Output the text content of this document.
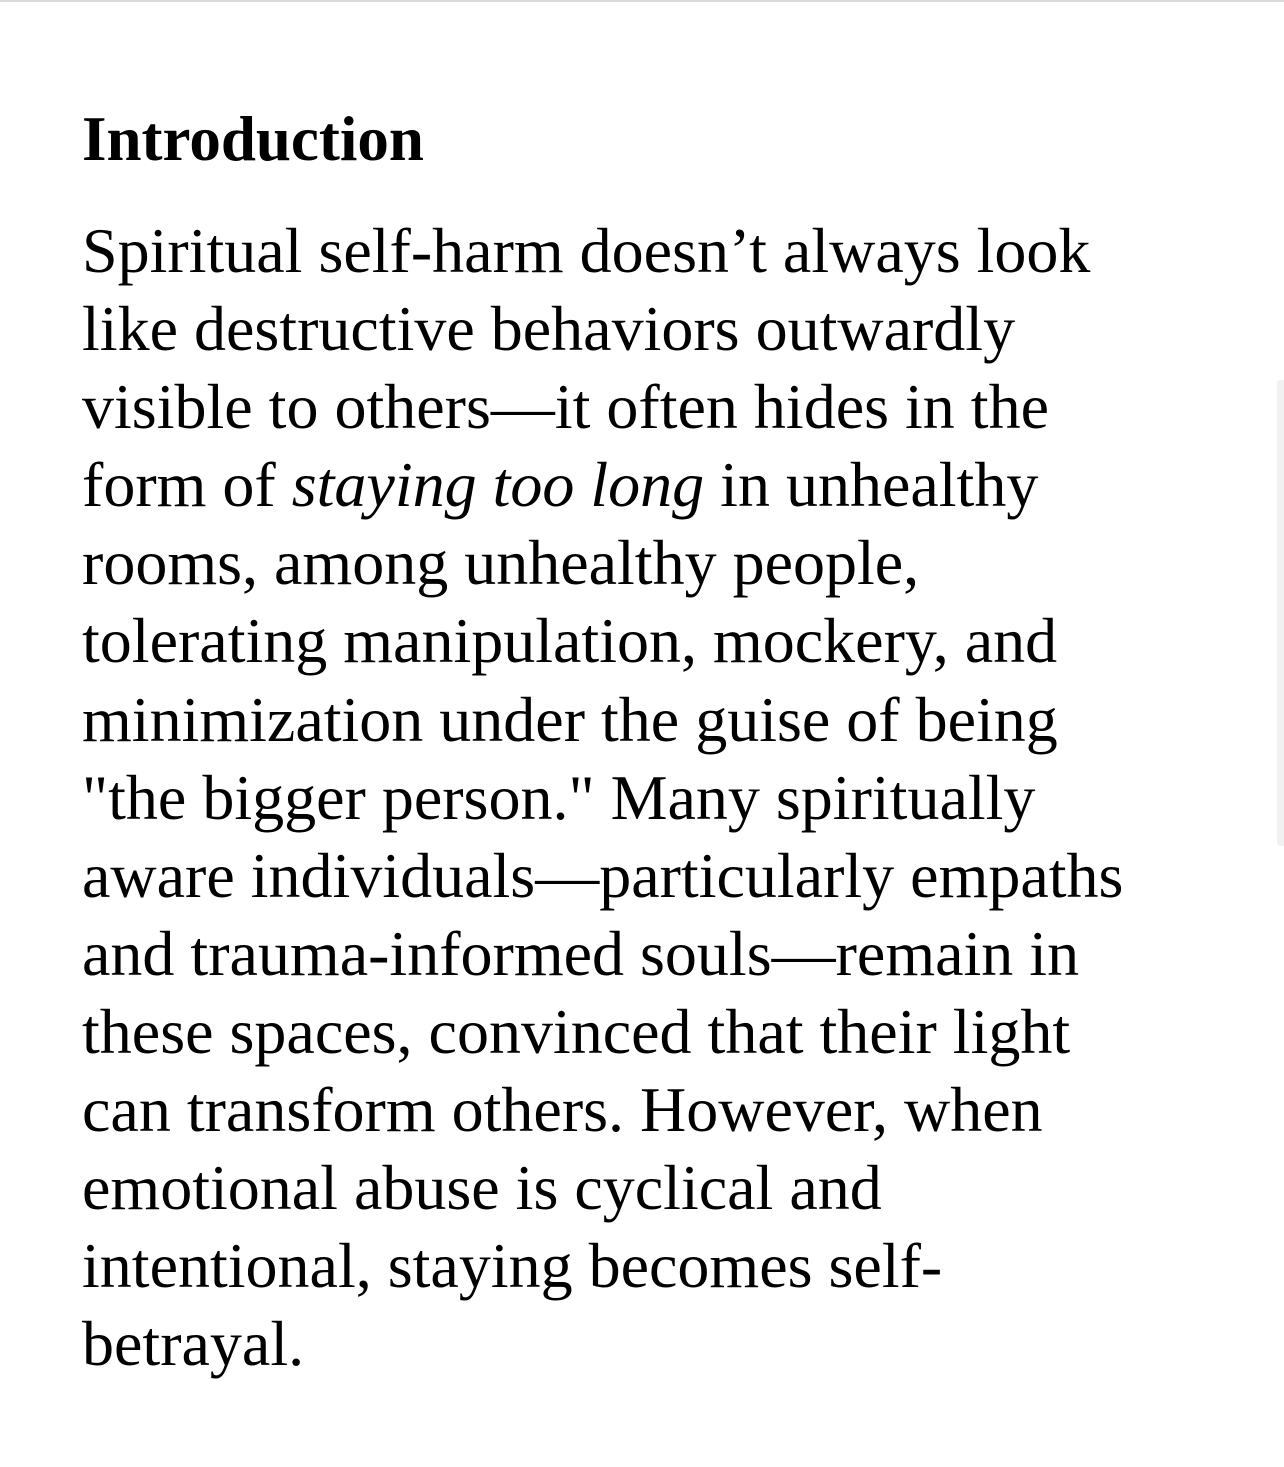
Introduction

Spiritual self-harm doesn’t always look
like destructive behaviors outwardly
visible to others—it often hides in the
form of staying too long in unhealthy
rooms, among unhealthy people,
tolerating manipulation, mockery, and
minimization under the guise of being
"the bigger person." Many spiritually
aware individuals—particularly empaths
and trauma-informed souls—remain in
these spaces, convinced that their light
can transform others. However, when
emotional abuse is cyclical and
intentional, staying becomes self-
betrayal.
